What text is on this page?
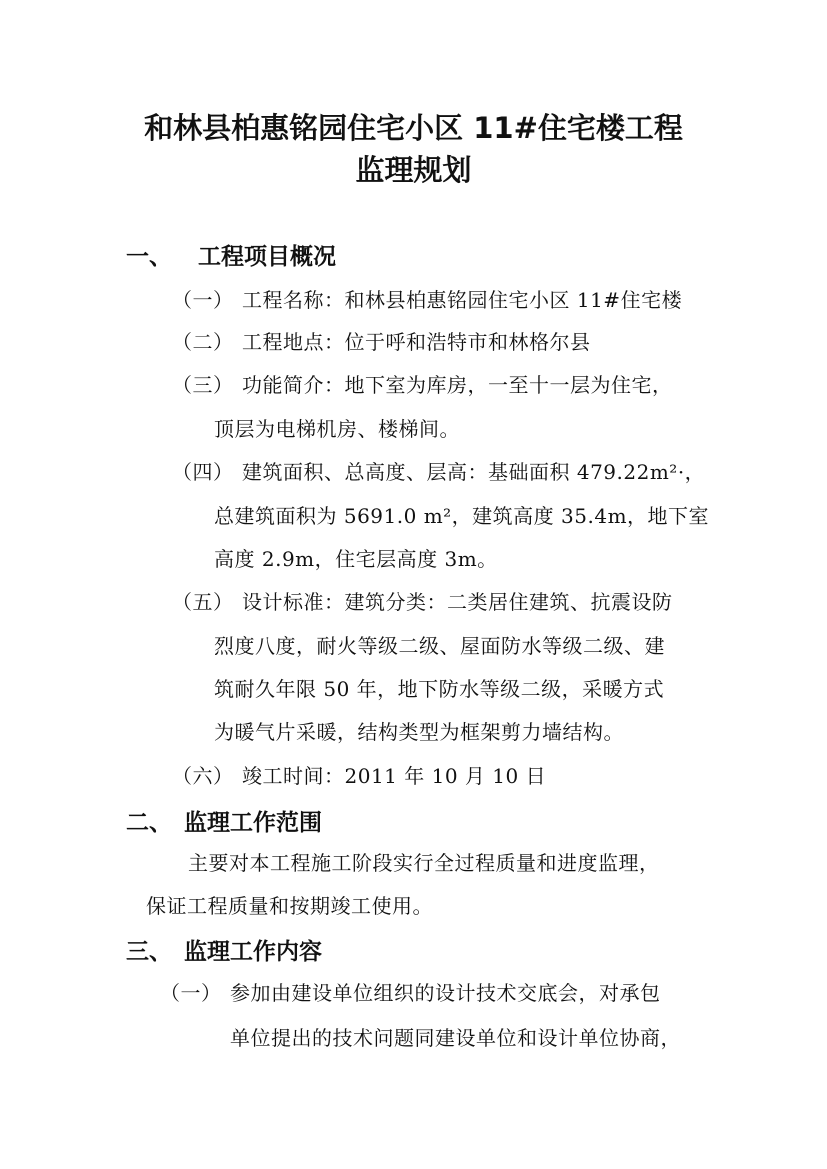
和林县柏惠铭园住宅小区 11#住宅楼工程
监理规划
一、 工程项目概况
（一） 工程名称：和林县柏惠铭园住宅小区 11#住宅楼
（二） 工程地点：位于呼和浩特市和林格尔县
（三） 功能简介：地下室为库房，一至十一层为住宅，
顶层为电梯机房、楼梯间。
（四） 建筑面积、总高度、层高：基础面积 479.22m²·，
总建筑面积为 5691.0 m²，建筑高度 35.4m，地下室
高度 2.9m，住宅层高度 3m。
（五） 设计标准：建筑分类：二类居住建筑、抗震设防
烈度八度，耐火等级二级、屋面防水等级二级、建
筑耐久年限 50 年，地下防水等级二级，采暖方式
为暖气片采暖，结构类型为框架剪力墙结构。
（六） 竣工时间：2011 年 10 月 10 日
二、 监理工作范围
主要对本工程施工阶段实行全过程质量和进度监理，
保证工程质量和按期竣工使用。
三、 监理工作内容
（一） 参加由建设单位组织的设计技术交底会，对承包
单位提出的技术问题同建设单位和设计单位协商，
